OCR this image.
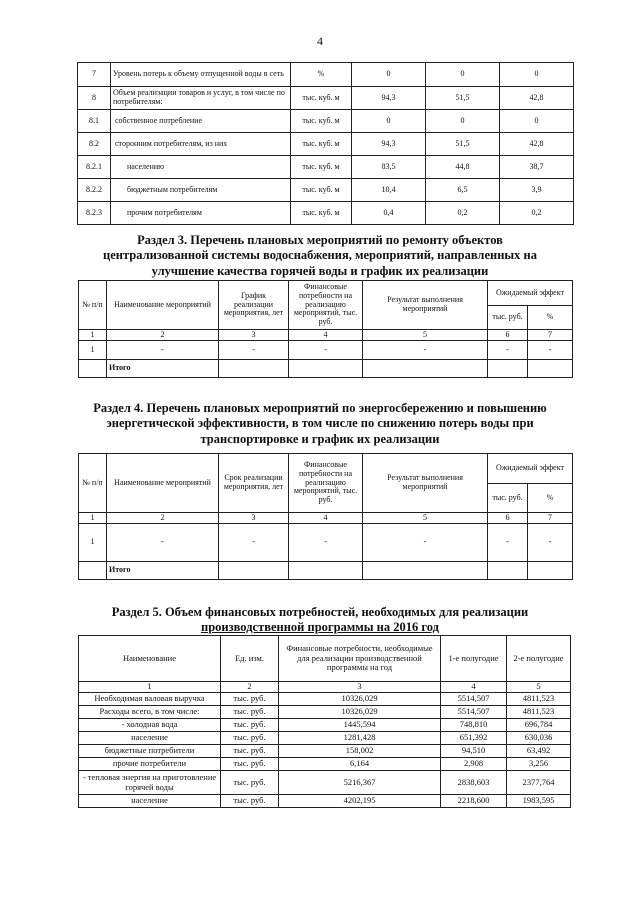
4
7	Уровень потерь к объему отпущенной воды в сеть	%	0	0	0
8	Объем реализации товаров и услуг, в том числе по потребителям:	тыс. куб. м	94,3	51,5	42,8
8.1	собственное потребление	тыс. куб. м	0	0	0
8.2	сторонним потребителям, из них	тыс. куб. м	94,3	51,5	42,8
8.2.1	населению	тыс. куб. м	83,5	44,8	38,7
8.2.2	бюджетным потребителям	тыс. куб. м	10,4	6,5	3,9
8.2.3	прочим потребителям	тыс. куб. м	0,4	0,2	0,2
Раздел 3. Перечень плановых мероприятий по ремонту объектов
централизованной системы водоснабжения, мероприятий, направленных на
улучшение качества горячей воды и график их реализации
№ п/п	Наименование мероприятий	График реализации мероприятия, лет	Финансовые потребности на реализацию мероприятий, тыс. руб.	Результат выполнения мероприятий	Ожидаемый эффект	
					тыс. руб.	%
1	2	3	4	5	6	7
1	-	-	-	-	-	-
	Итого					
Раздел 4. Перечень плановых мероприятий по энергосбережению и повышению
энергетической эффективности, в том числе по снижению потерь воды при
транспортировке и график их реализации
№ п/п	Наименование мероприятий	Срок реализации мероприятия, лет	Финансовые потребности на реализацию мероприятий, тыс. руб.	Результат выполнения мероприятий	Ожидаемый эффект	
					тыс. руб.	%
1	2	3	4	5	6	7
1	-	-	-	-	-	-
	Итого					
Раздел 5. Объем финансовых потребностей, необходимых для реализации
производственной программы на 2016 год
Наименование	Ед. изм.	Финансовые потребности, необходимые для реализации производственной программы на год	1-е полугодие	2-е полугодие
1	2	3	4	5
Необходимая валовая выручка	тыс. руб.	10326,029	5514,507	4811,523
Расходы всего, в том числе:	тыс. руб.	10326,029	5514,507	4811,523
- холодная вода	тыс. руб.	1445,594	748,810	696,784
население	тыс. руб.	1281,428	651,392	630,036
бюджетные потребители	тыс. руб.	158,002	94,510	63,492
прочие потребители	тыс. руб.	6,164	2,908	3,256
- тепловая энергия на приготовление горячей воды	тыс. руб.	5216,367	2838,603	2377,764
население	тыс. руб.	4202,195	2218,600	1983,595
